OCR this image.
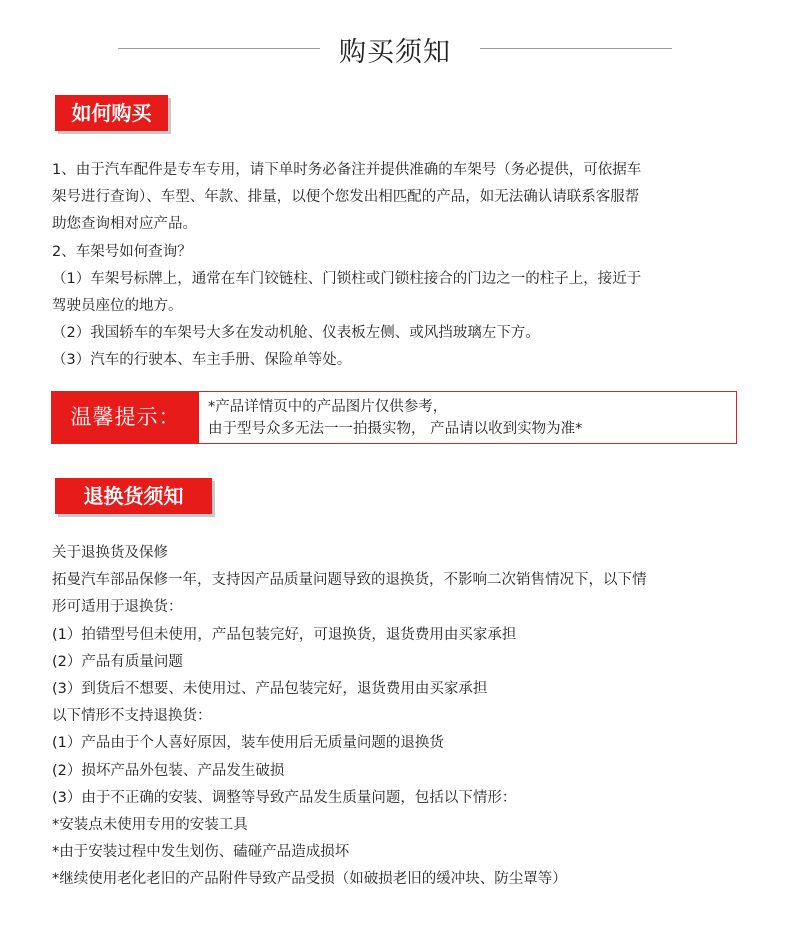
购买须知
如何购买

1、由于汽车配件是专车专用，请下单时务必备注并提供准确的车架号（务必提供，可依据车

架号进行查询）、车型、年款、排量，以便个您发出相匹配的产品，如无法确认请联系客服帮

助您查询相对应产品。

2、车架号如何查询？

（1）车架号标牌上，通常在车门铰链柱、门锁柱或门锁柱接合的门边之一的柱子上，接近于

驾驶员座位的地方。

（2）我国轿车的车架号大多在发动机舱、仪表板左侧、或风挡玻璃左下方。

（3）汽车的行驶本、车主手册、保险单等处。

温馨提示：	*产品详情页中的产品图片仅供参考，

由于型号众多无法一一拍摄实物， 产品请以收到实物为准*

退换货须知

关于退换货及保修

拓曼汽车部品保修一年，支持因产品质量问题导致的退换货，不影响二次销售情况下，以下情

形可适用于退换货：

(1）拍错型号但未使用，产品包装完好，可退换货，退货费用由买家承担

(2）产品有质量问题

(3）到货后不想要、未使用过、产品包装完好，退货费用由买家承担

以下情形不支持退换货：

(1）产品由于个人喜好原因，装车使用后无质量问题的退换货

(2）损坏产品外包装、产品发生破损

(3）由于不正确的安装、调整等导致产品发生质量问题，包括以下情形：

*安装点未使用专用的安装工具

*由于安装过程中发生划伤、磕碰产品造成损坏

*继续使用老化老旧的产品附件导致产品受损（如破损老旧的缓冲块、防尘罩等）
